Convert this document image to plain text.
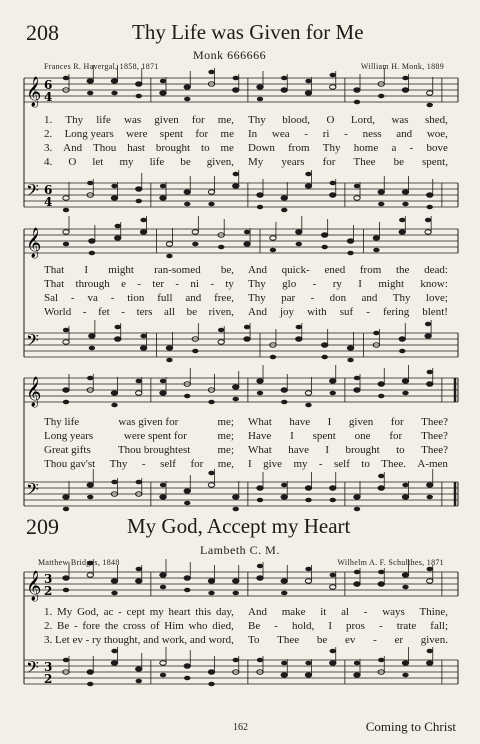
𝄞
𝄢
6
4
6
4
𝄞
𝄢
𝄞
𝄢
𝄞
𝄢
3
2
3
2
208	Thy Life was Given for Me
Monk 666666
Frances R. Havergal, 1858, 1871	William H. Monk, 1889
209	My God, Accept my Heart
Lambeth C. M.
Matthew Bridges, 1848	Wilhelm A. F. Schulthes, 1871
1. Thy life was given for me, Thy blood, O Lord, was shed,
2. Long years were spent for me In wea - ri - ness and woe,
3. And Thou hast brought to me Down from Thy home a - bove
4. O let my life be given, My years for Thee be spent,
That I might ran-somed be, And quick- ened from the dead:
That through e - ter - ni - ty Thy glo - ry I might know:
Sal - va - tion full and free, Thy par - don and Thy love;
World - fet - ters all be riven, And joy with suf - fering blent!
Thy life	was given for	me; What have I given for Thee?
Long years	were spent for	me; Have I spent one for Thee?
Great gifts Thou broughtest me; What have I brought to Thee?
Thou gav'st Thy - self for me, I give my - self to Thee. A-men
1. My God, ac - cept my heart this day, And make it al - ways Thine,
2. Be - fore the cross of Him who died, Be - hold, I pros - trate fall;
3. Let ev - ry thought, and work, and word, To Thee be ev - er given.
162	Coming to Christ
